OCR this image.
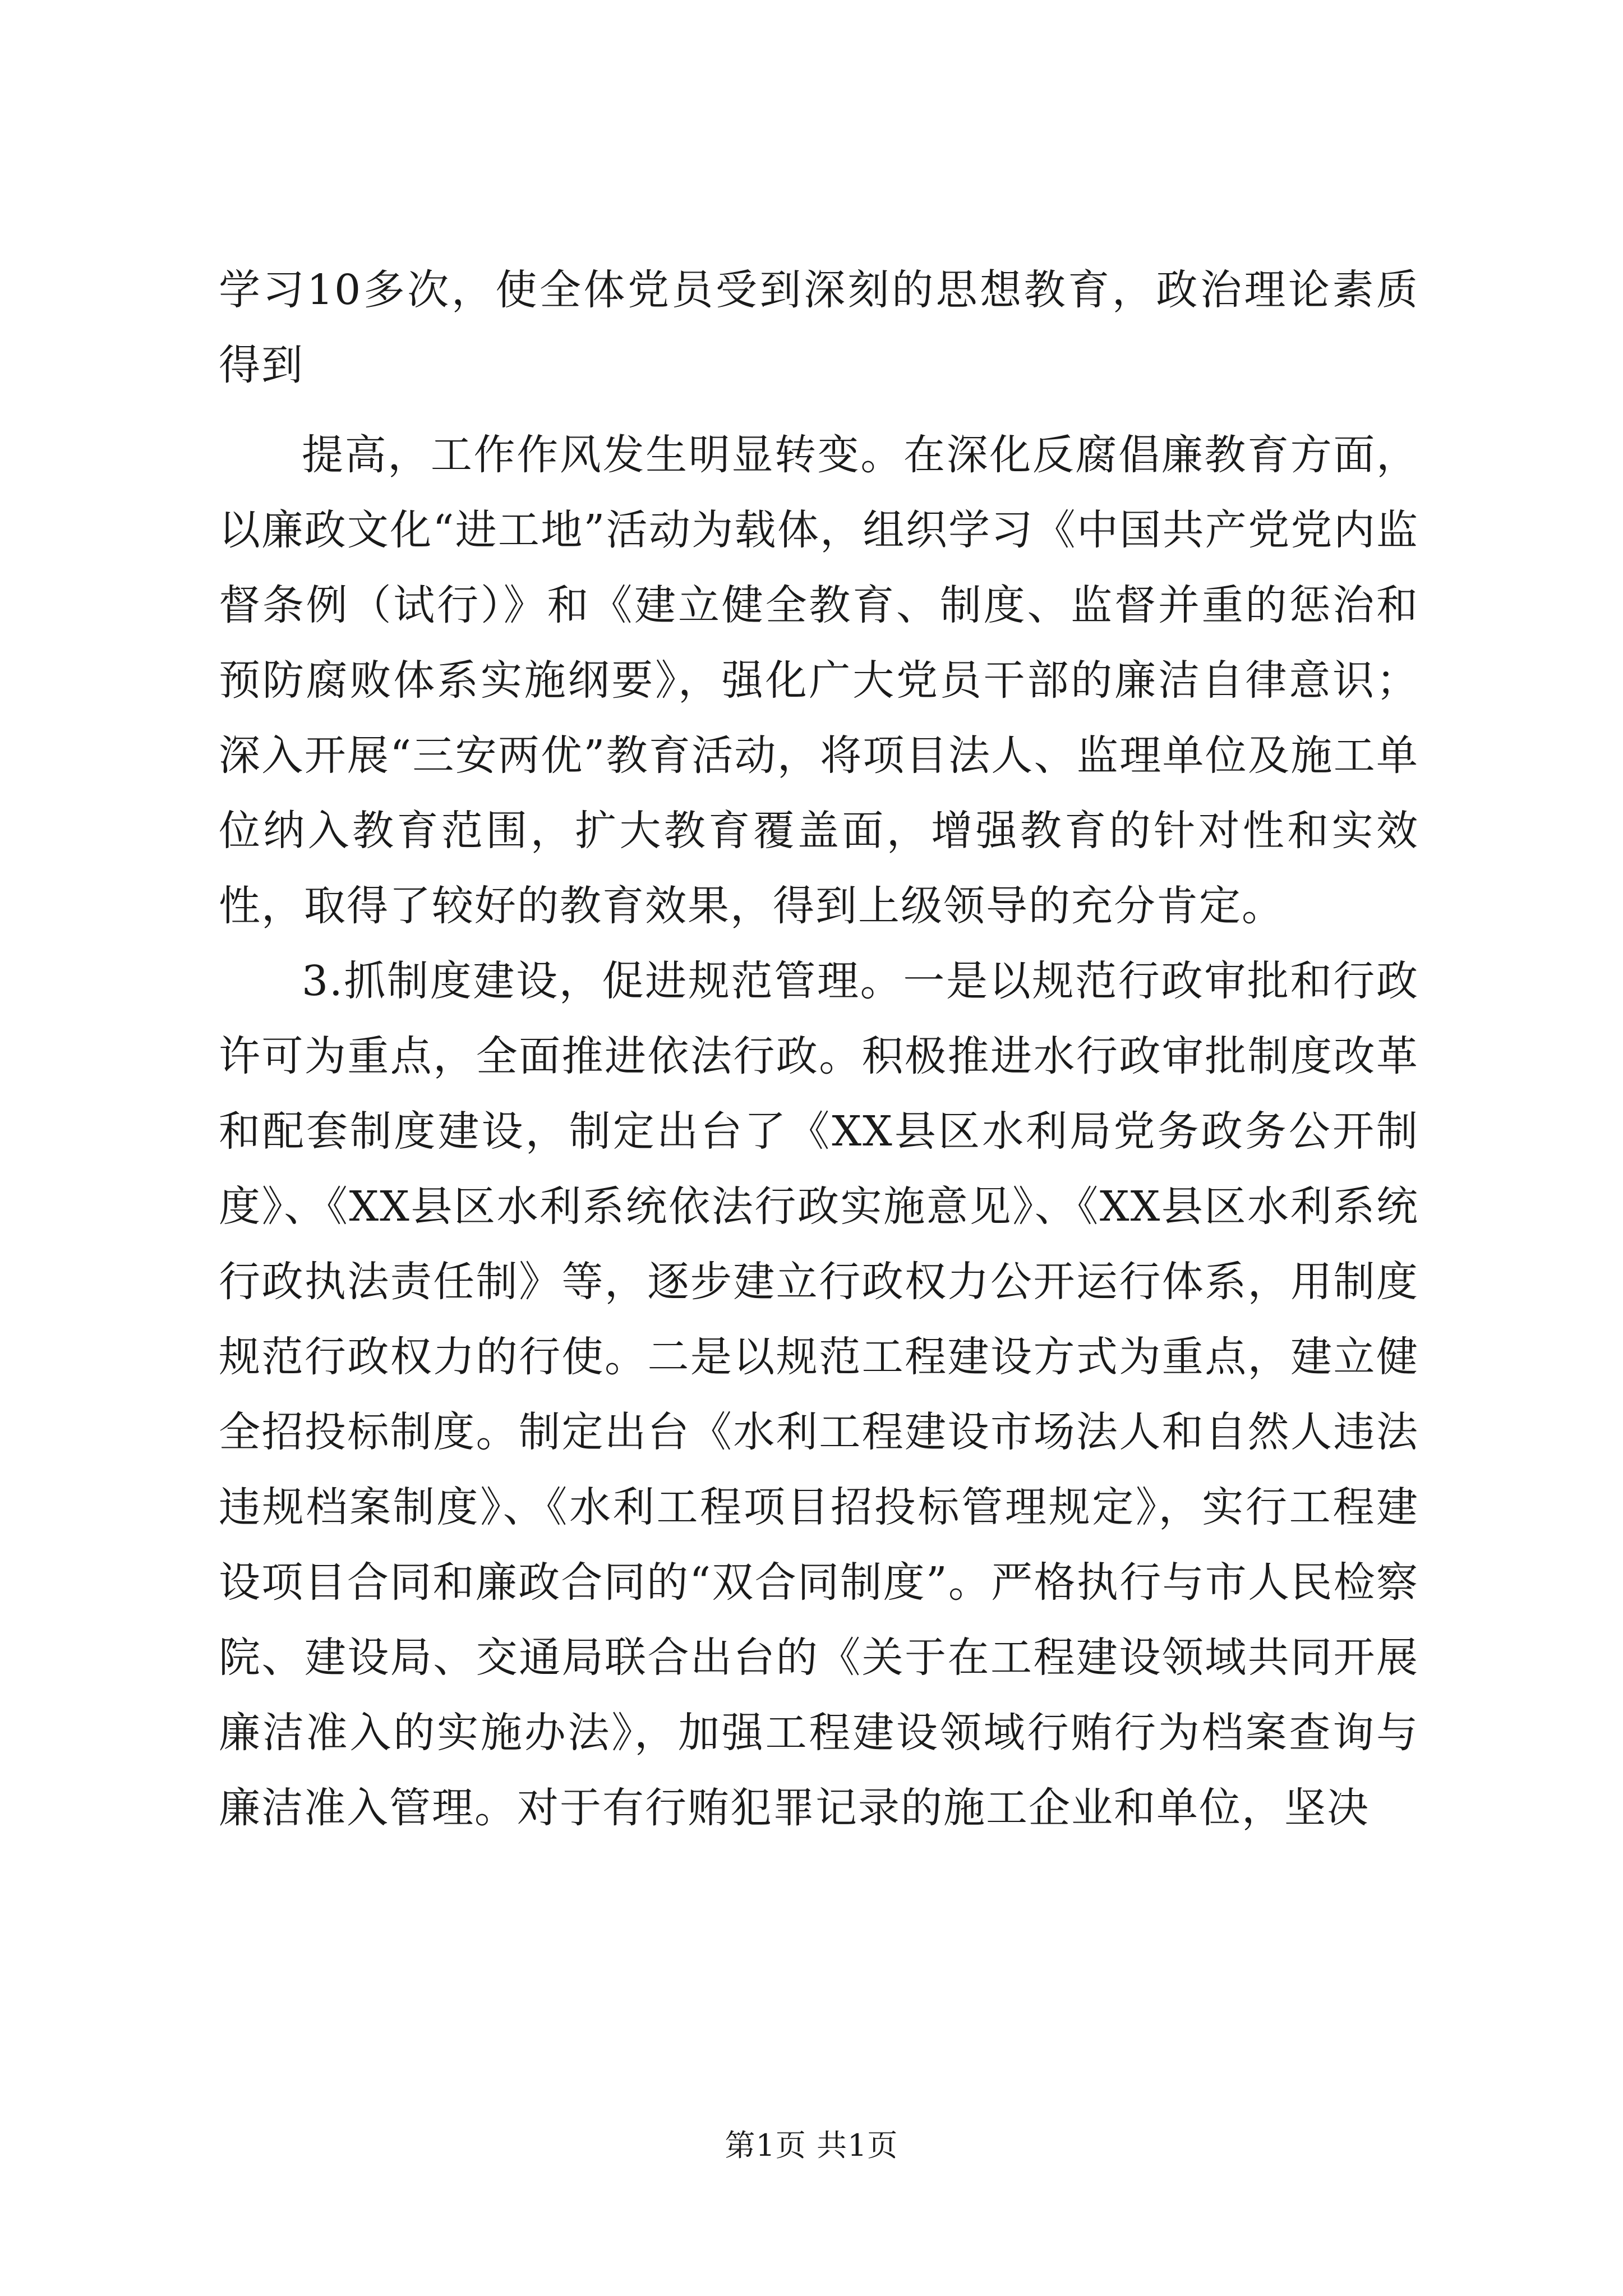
学习10多次，使全体党员受到深刻的思想教育，政治理论素质得到

提高，工作作风发生明显转变。在深化反腐倡廉教育方面，以廉政文化“进工地”活动为载体，组织学习《中国共产党党内监督条例（试行）》和《建立健全教育、制度、监督并重的惩治和预防腐败体系实施纲要》，强化广大党员干部的廉洁自律意识；深入开展“三安两优”教育活动，将项目法人、监理单位及施工单位纳入教育范围，扩大教育覆盖面，增强教育的针对性和实效性，取得了较好的教育效果，得到上级领导的充分肯定。

3.抓制度建设，促进规范管理。一是以规范行政审批和行政许可为重点，全面推进依法行政。积极推进水行政审批制度改革和配套制度建设，制定出台了《XX县区水利局党务政务公开制度》、《XX县区水利系统依法行政实施意见》、《XX县区水利系统行政执法责任制》等，逐步建立行政权力公开运行体系，用制度规范行政权力的行使。二是以规范工程建设方式为重点，建立健全招投标制度。制定出台《水利工程建设市场法人和自然人违法违规档案制度》、《水利工程项目招投标管理规定》，实行工程建设项目合同和廉政合同的“双合同制度”。严格执行与市人民检察院、建设局、交通局联合出台的《关于在工程建设领域共同开展廉洁准入的实施办法》，加强工程建设领域行贿行为档案查询与廉洁准入管理。对于有行贿犯罪记录的施工企业和单位，坚决

第1页 共1页
